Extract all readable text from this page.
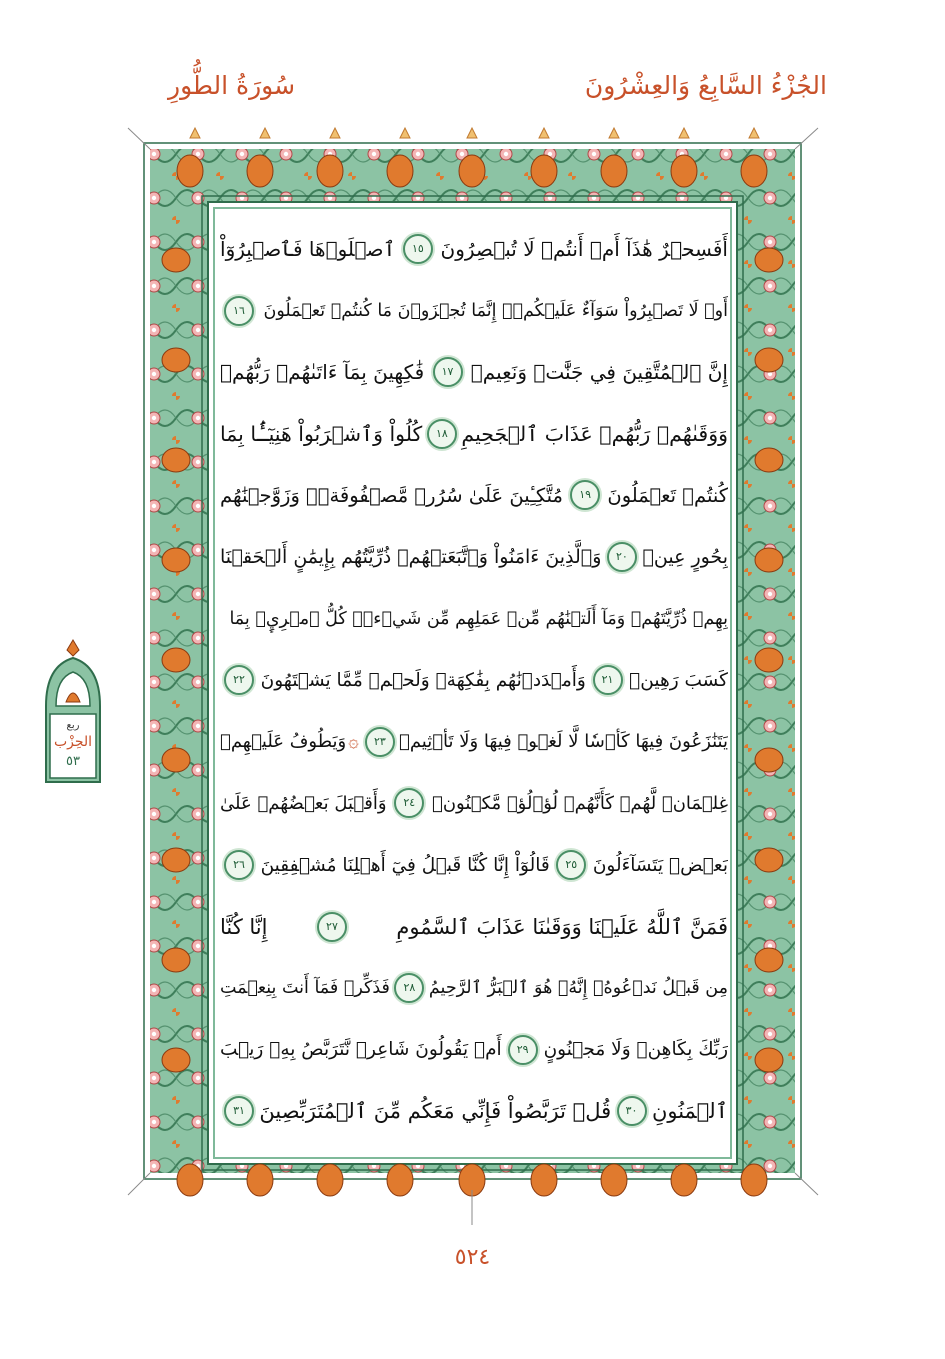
الجُزْءُ السَّابِعُ وَالعِشْرُونَ
سُورَةُ الطُّورِ
ربع
الحِزْب
٥٣
أَفَسِحۡرٌ هَٰذَآ أَمۡ أَنتُمۡ لَا تُبۡصِرُونَ
١٥
ٱصۡلَوۡهَا فَٱصۡبِرُوٓاْ
أَوۡ لَا تَصۡبِرُواْ سَوَآءٌ عَلَيۡكُمۡۖ إِنَّمَا تُجۡزَوۡنَ مَا كُنتُمۡ تَعۡمَلُونَ
١٦
إِنَّ ٱلۡمُتَّقِينَ فِي جَنَّٰتٖ وَنَعِيمٖ
١٧
فَٰكِهِينَ بِمَآ ءَاتَىٰهُمۡ رَبُّهُمۡ
وَوَقَىٰهُمۡ رَبُّهُمۡ عَذَابَ ٱلۡجَحِيمِ
١٨
كُلُواْ وَٱشۡرَبُواْ هَنِيٓـَٔۢا بِمَا
كُنتُمۡ تَعۡمَلُونَ
١٩
مُتَّكِـِٔينَ عَلَىٰ سُرُرٖ مَّصۡفُوفَةٖۖ وَزَوَّجۡنَٰهُم
بِحُورٍ عِينٖ
٢٠
وَٱلَّذِينَ ءَامَنُواْ وَٱتَّبَعَتۡهُمۡ ذُرِّيَّتُهُم بِإِيمَٰنٍ أَلۡحَقۡنَا
بِهِمۡ ذُرِّيَّتَهُمۡ وَمَآ أَلَتۡنَٰهُم مِّنۡ عَمَلِهِم مِّن شَيۡءٖۚ كُلُّ ٱمۡرِيِٕۭ بِمَا
كَسَبَ رَهِينٞ
٢١
وَأَمۡدَدۡنَٰهُم بِفَٰكِهَةٖ وَلَحۡمٖ مِّمَّا يَشۡتَهُونَ
٢٢
يَتَنَٰزَعُونَ فِيهَا كَأۡسٗا لَّا لَغۡوٞ فِيهَا وَلَا تَأۡثِيمٞ
٢٣
۞
وَيَطُوفُ عَلَيۡهِمۡ
غِلۡمَانٞ لَّهُمۡ كَأَنَّهُمۡ لُؤۡلُؤٞ مَّكۡنُونٞ
٢٤
وَأَقۡبَلَ بَعۡضُهُمۡ عَلَىٰ
بَعۡضٖ يَتَسَآءَلُونَ
٢٥
قَالُوٓاْ إِنَّا كُنَّا قَبۡلُ فِيٓ أَهۡلِنَا مُشۡفِقِينَ
٢٦
فَمَنَّ ٱللَّهُ عَلَيۡنَا وَوَقَىٰنَا عَذَابَ ٱلسَّمُومِ
٢٧
إِنَّا كُنَّا
مِن قَبۡلُ نَدۡعُوهُۖ إِنَّهُۥ هُوَ ٱلۡبَرُّ ٱلرَّحِيمُ
٢٨
فَذَكِّرۡ فَمَآ أَنتَ بِنِعۡمَتِ
رَبِّكَ بِكَاهِنٖ وَلَا مَجۡنُونٍ
٢٩
أَمۡ يَقُولُونَ شَاعِرٞ نَّتَرَبَّصُ بِهِۦ رَيۡبَ
ٱلۡمَنُونِ
٣٠
قُلۡ تَرَبَّصُواْ فَإِنِّي مَعَكُم مِّنَ ٱلۡمُتَرَبِّصِينَ
٣١
٥٢٤
